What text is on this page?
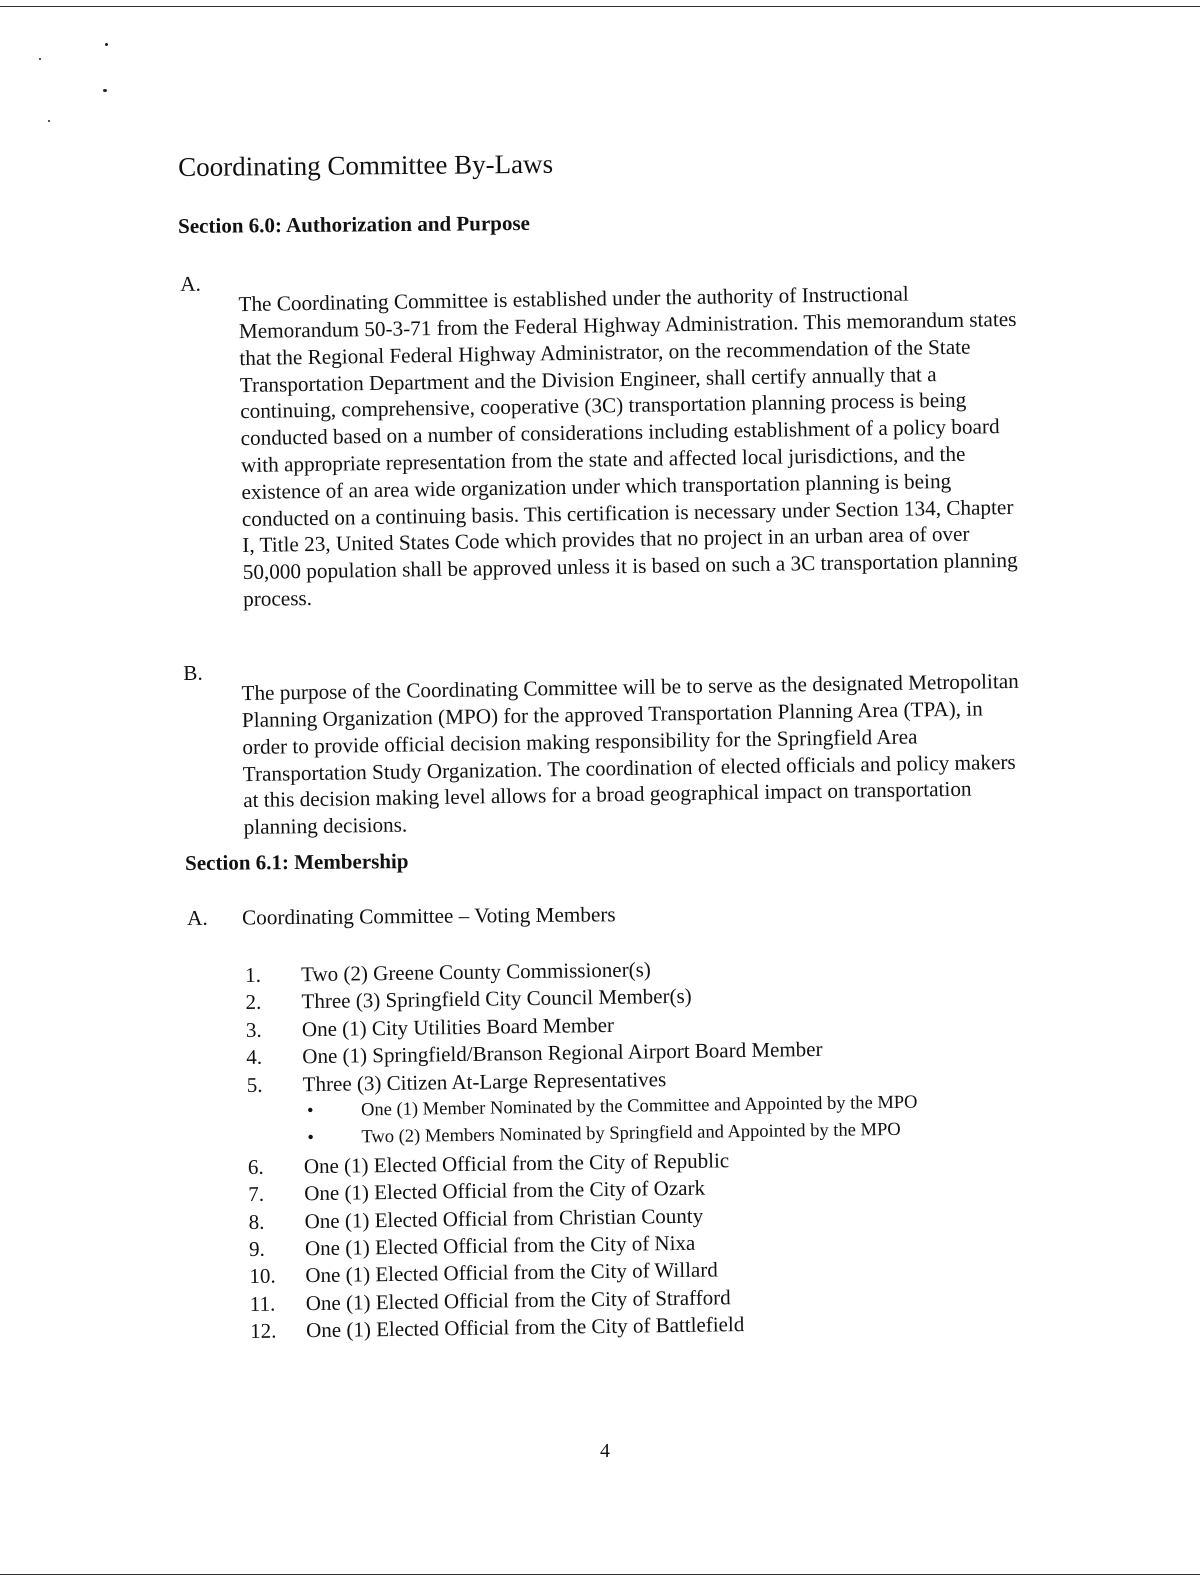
Coordinating Committee By-Laws
Section 6.0: Authorization and Purpose
A. The Coordinating Committee is established under the authority of Instructional Memorandum 50-3-71 from the Federal Highway Administration. This memorandum states that the Regional Federal Highway Administrator, on the recommendation of the State Transportation Department and the Division Engineer, shall certify annually that a continuing, comprehensive, cooperative (3C) transportation planning process is being conducted based on a number of considerations including establishment of a policy board with appropriate representation from the state and affected local jurisdictions, and the existence of an area wide organization under which transportation planning is being conducted on a continuing basis. This certification is necessary under Section 134, Chapter I, Title 23, United States Code which provides that no project in an urban area of over 50,000 population shall be approved unless it is based on such a 3C transportation planning process.

B. The purpose of the Coordinating Committee will be to serve as the designated Metropolitan Planning Organization (MPO) for the approved Transportation Planning Area (TPA), in order to provide official decision making responsibility for the Springfield Area Transportation Study Organization. The coordination of elected officials and policy makers at this decision making level allows for a broad geographical impact on transportation planning decisions.

Section 6.1: Membership
A. Coordinating Committee – Voting Members
1.	Two (2) Greene County Commissioner(s)
2.	Three (3) Springfield City Council Member(s)
3.	One (1) City Utilities Board Member
4.	One (1) Springfield/Branson Regional Airport Board Member
5.	Three (3) Citizen At-Large Representatives
•	One (1) Member Nominated by the Committee and Appointed by the MPO
•	Two (2) Members Nominated by Springfield and Appointed by the MPO
6.	One (1) Elected Official from the City of Republic
7.	One (1) Elected Official from the City of Ozark
8.	One (1) Elected Official from Christian County
9.	One (1) Elected Official from the City of Nixa
10.	One (1) Elected Official from the City of Willard
11.	One (1) Elected Official from the City of Strafford
12.	One (1) Elected Official from the City of Battlefield
4
